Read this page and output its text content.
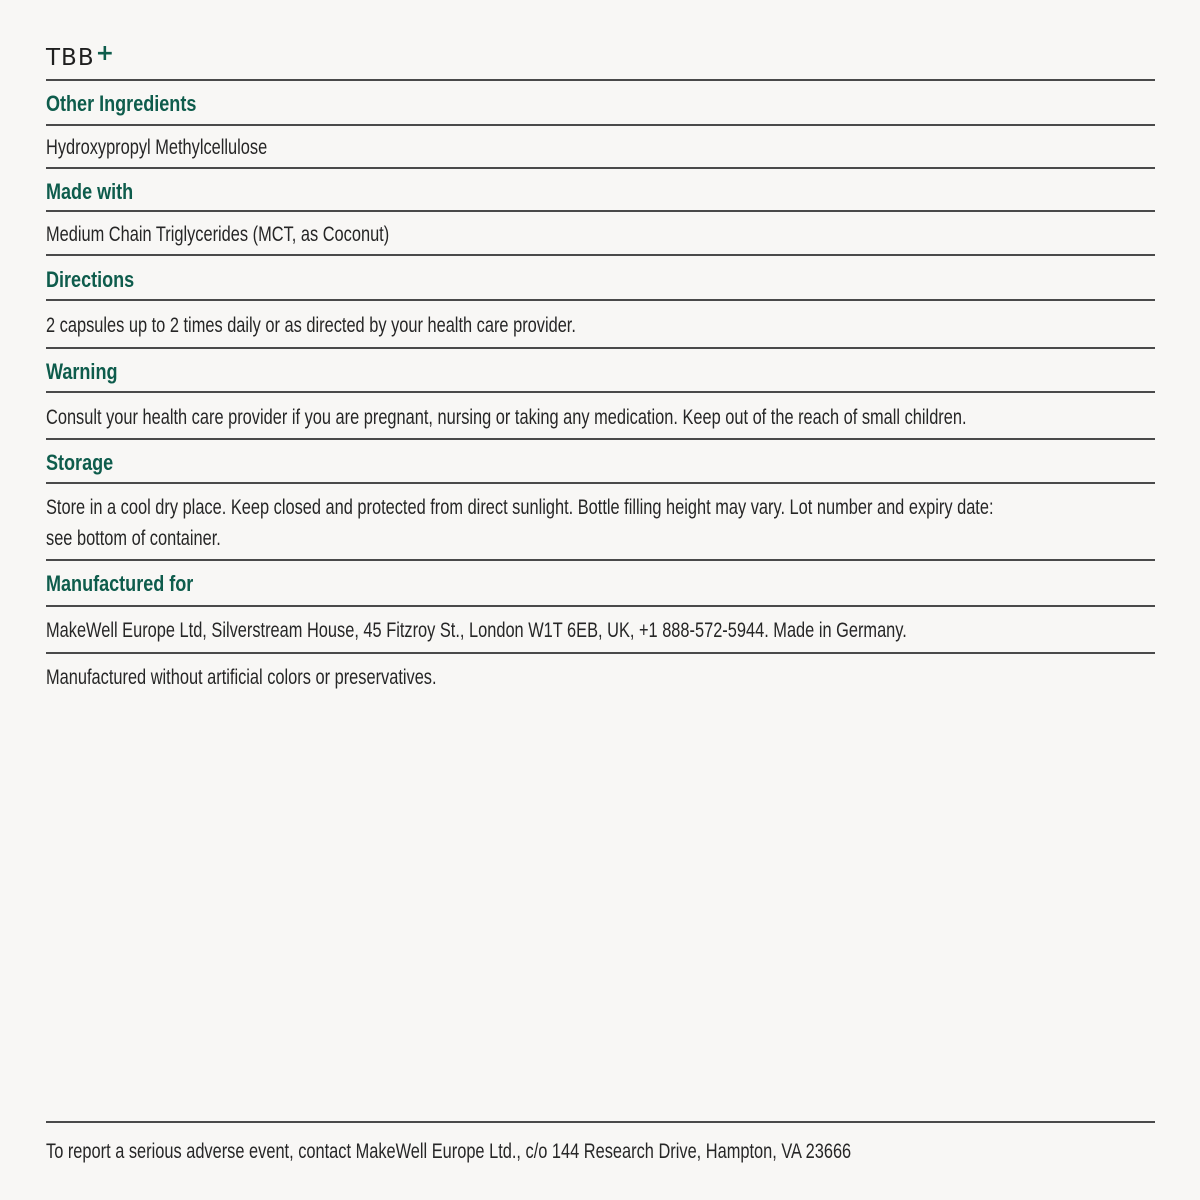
TBB +
Other Ingredients
Hydroxypropyl Methylcellulose
Made with
Medium Chain Triglycerides (MCT, as Coconut)
Directions
2 capsules up to 2 times daily or as directed by your health care provider.
Warning
Consult your health care provider if you are pregnant, nursing or taking any medication. Keep out of the reach of small children.
Storage
Store in a cool dry place. Keep closed and protected from direct sunlight. Bottle filling height may vary. Lot number and expiry date:
see bottom of container.
Manufactured for
MakeWell Europe Ltd, Silverstream House, 45 Fitzroy St., London W1T 6EB, UK, +1 888-572-5944. Made in Germany.
Manufactured without artificial colors or preservatives.
To report a serious adverse event, contact MakeWell Europe Ltd., c/o 144 Research Drive, Hampton, VA 23666
